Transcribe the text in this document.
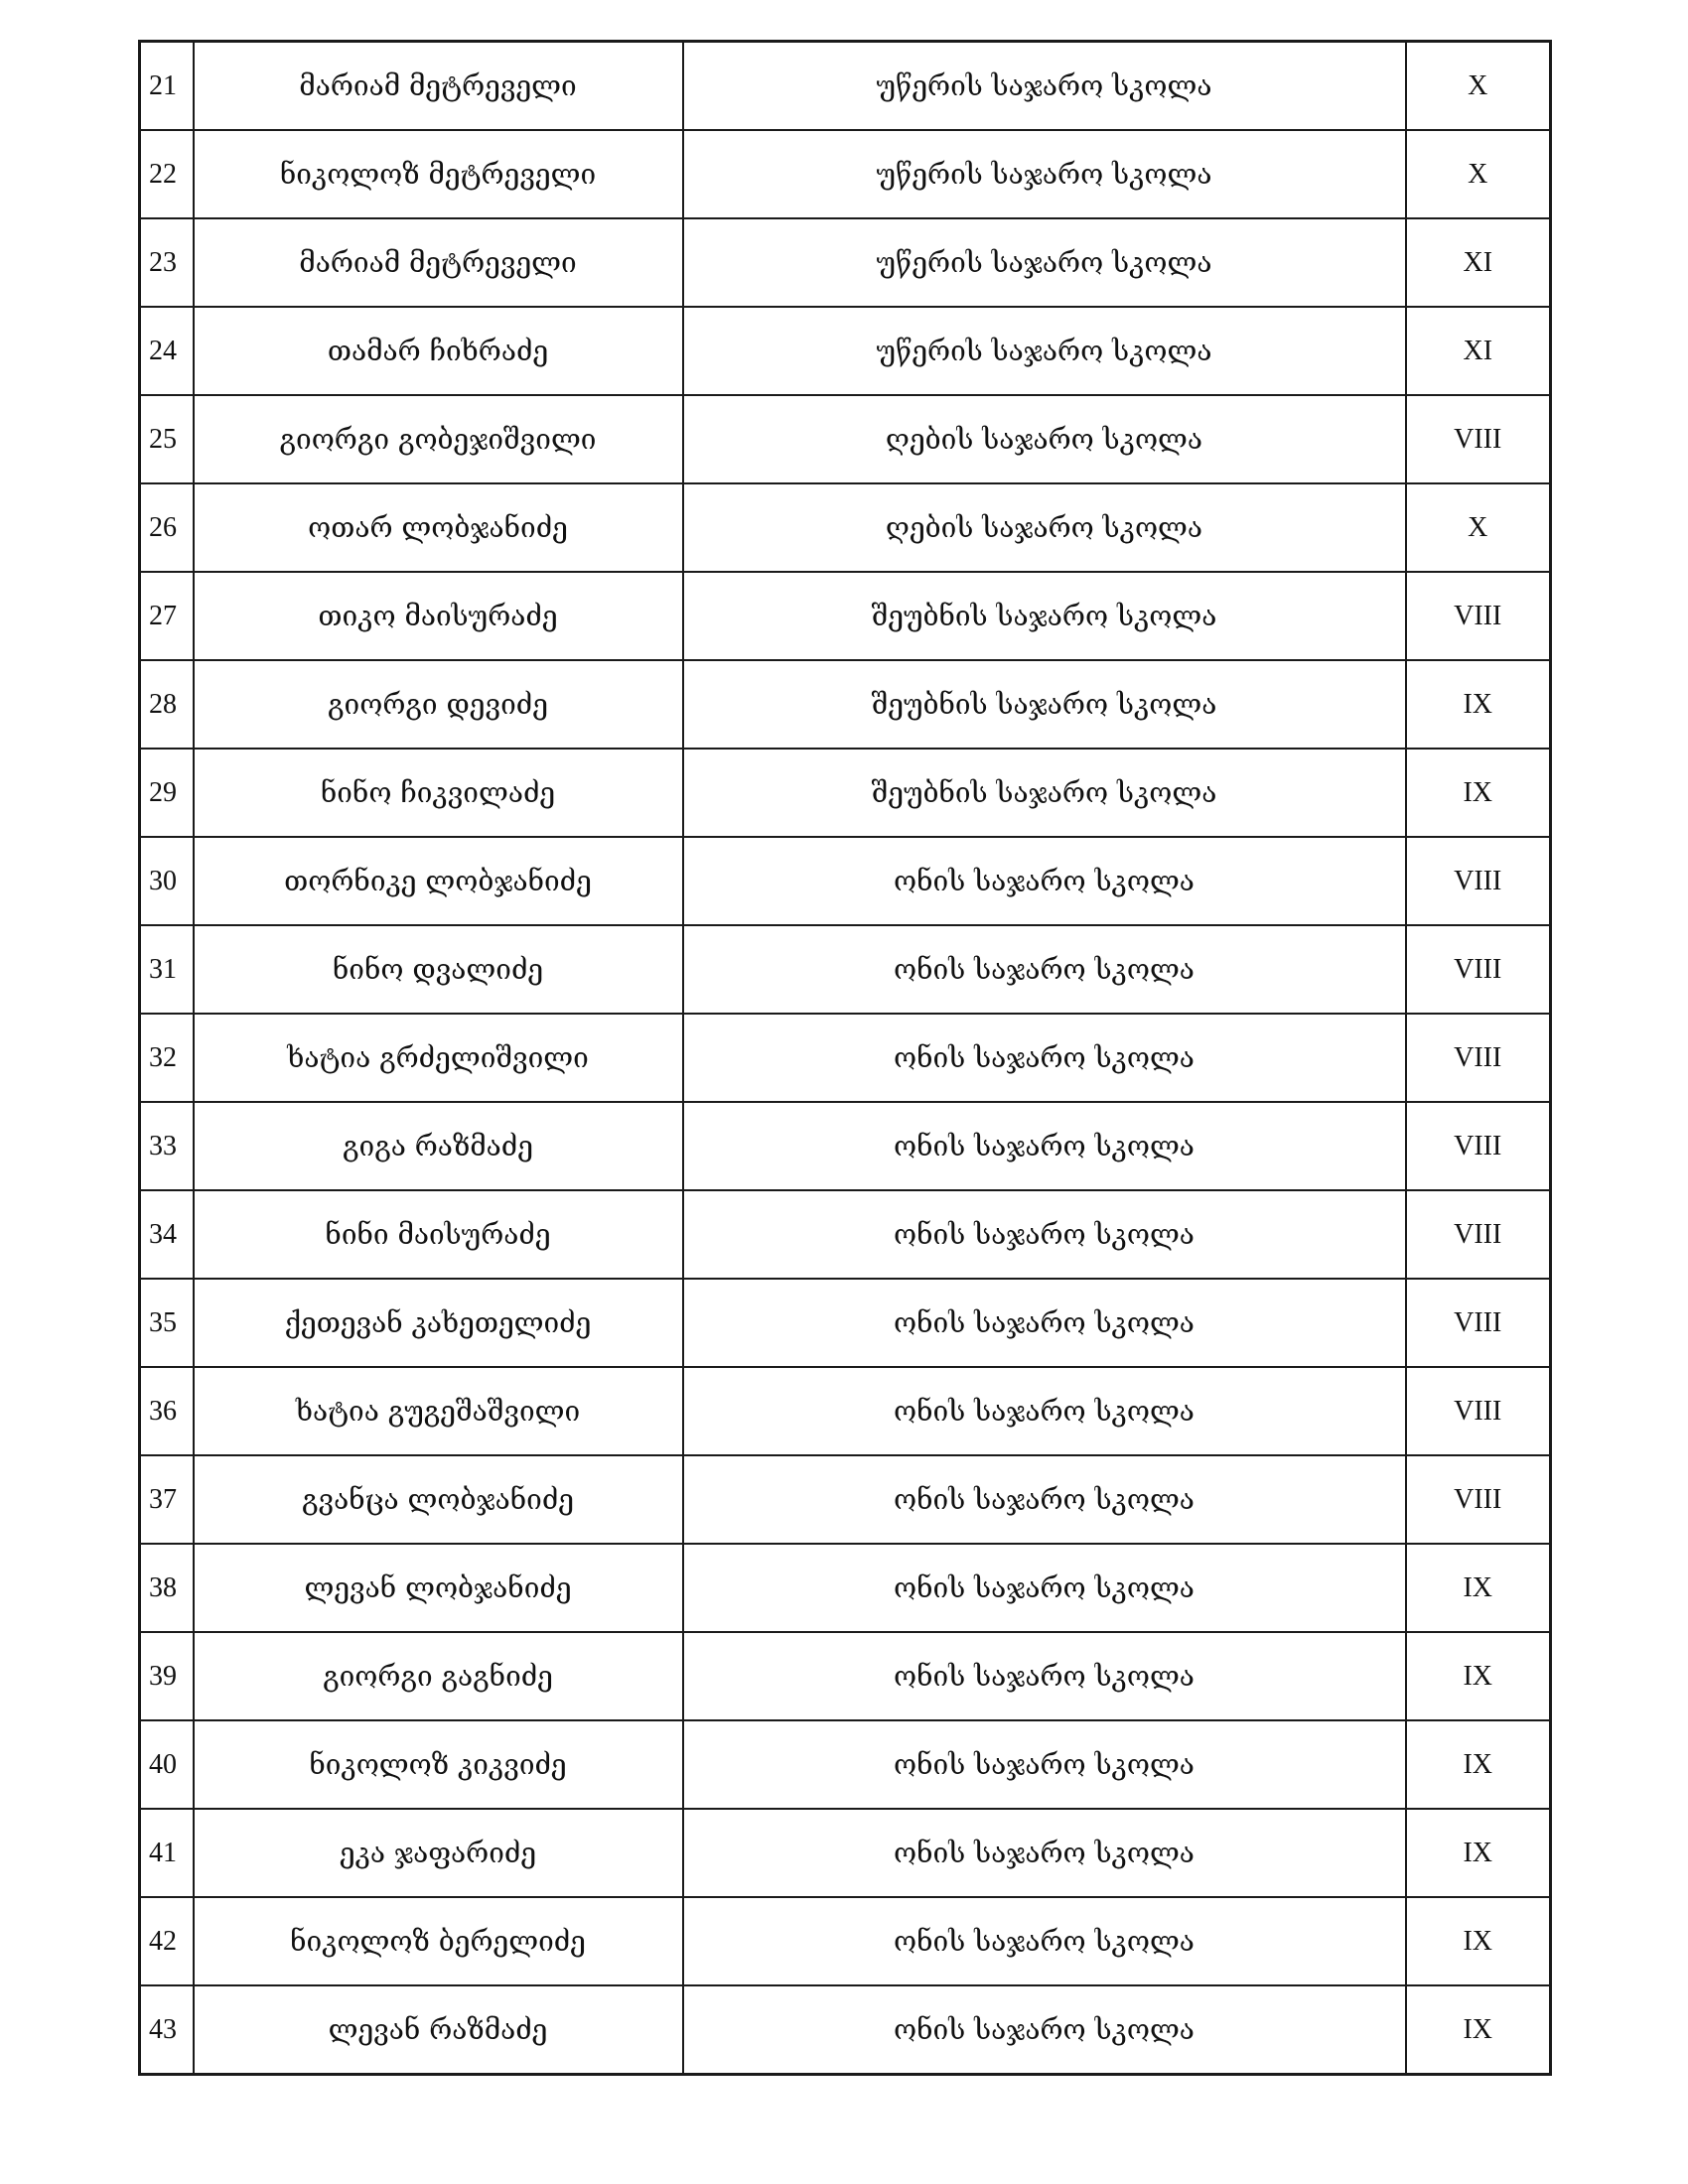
21	მარიამ მეტრეველი	უწერის საჯარო სკოლა	X
22	ნიკოლოზ მეტრეველი	უწერის საჯარო სკოლა	X
23	მარიამ მეტრეველი	უწერის საჯარო სკოლა	XI
24	თამარ ჩიხრაძე	უწერის საჯარო სკოლა	XI
25	გიორგი გობეჯიშვილი	ღების საჯარო სკოლა	VIII
26	ოთარ ლობჯანიძე	ღების საჯარო სკოლა	X
27	თიკო მაისურაძე	შეუბნის საჯარო სკოლა	VIII
28	გიორგი დევიძე	შეუბნის საჯარო სკოლა	IX
29	ნინო ჩიკვილაძე	შეუბნის საჯარო სკოლა	IX
30	თორნიკე ლობჯანიძე	ონის საჯარო სკოლა	VIII
31	ნინო დვალიძე	ონის საჯარო სკოლა	VIII
32	ხატია გრძელიშვილი	ონის საჯარო სკოლა	VIII
33	გიგა რაზმაძე	ონის საჯარო სკოლა	VIII
34	ნინი მაისურაძე	ონის საჯარო სკოლა	VIII
35	ქეთევან კახეთელიძე	ონის საჯარო სკოლა	VIII
36	ხატია გუგეშაშვილი	ონის საჯარო სკოლა	VIII
37	გვანცა ლობჯანიძე	ონის საჯარო სკოლა	VIII
38	ლევან ლობჯანიძე	ონის საჯარო სკოლა	IX
39	გიორგი გაგნიძე	ონის საჯარო სკოლა	IX
40	ნიკოლოზ კიკვიძე	ონის საჯარო სკოლა	IX
41	ეკა ჯაფარიძე	ონის საჯარო სკოლა	IX
42	ნიკოლოზ ბერელიძე	ონის საჯარო სკოლა	IX
43	ლევან რაზმაძე	ონის საჯარო სკოლა	IX
